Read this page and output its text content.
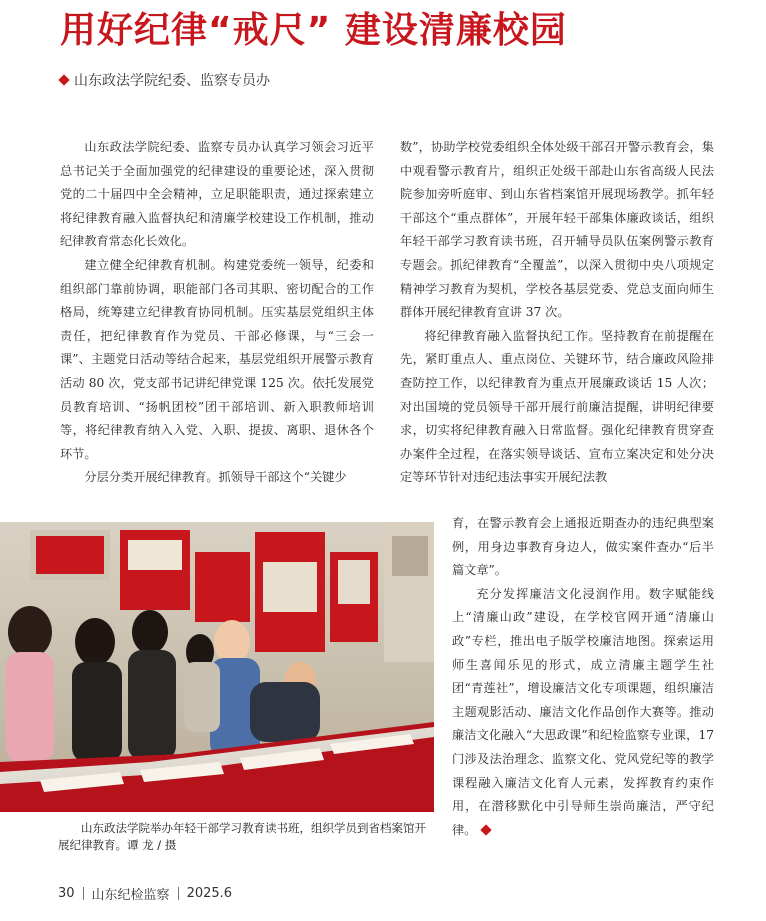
用好纪律“戒尺” 建设清廉校园
山东政法学院纪委、监察专员办

山东政法学院纪委、监察专员办认真学习领会习近平总书记关于全面加强党的纪律建设的重要论述，深入贯彻党的二十届四中全会精神，立足职能职责，通过探索建立将纪律教育融入监督执纪和清廉学校建设工作机制，推动纪律教育常态化长效化。

建立健全纪律教育机制。构建党委统一领导，纪委和组织部门靠前协调，职能部门各司其职、密切配合的工作格局，统筹建立纪律教育协同机制。压实基层党组织主体责任，把纪律教育作为党员、干部必修课，与“三会一课”、主题党日活动等结合起来，基层党组织开展警示教育活动 80 次，党支部书记讲纪律党课 125 次。依托发展党员教育培训、“扬帆团校”团干部培训、新入职教师培训等，将纪律教育纳入入党、入职、提拔、离职、退休各个环节。

分层分类开展纪律教育。抓领导干部这个“关键少

数”，协助学校党委组织全体处级干部召开警示教育会，集中观看警示教育片，组织正处级干部赴山东省高级人民法院参加旁听庭审、到山东省档案馆开展现场教学。抓年轻干部这个“重点群体”，开展年轻干部集体廉政谈话，组织年轻干部学习教育读书班，召开辅导员队伍案例警示教育专题会。抓纪律教育“全覆盖”，以深入贯彻中央八项规定精神学习教育为契机，学校各基层党委、党总支面向师生群体开展纪律教育宣讲 37 次。

将纪律教育融入监督执纪工作。坚持教育在前提醒在先，紧盯重点人、重点岗位、关键环节，结合廉政风险排查防控工作，以纪律教育为重点开展廉政谈话 15 人次；对出国境的党员领导干部开展行前廉洁提醒，讲明纪律要求，切实将纪律教育融入日常监督。强化纪律教育贯穿查办案件全过程，在落实领导谈话、宣布立案决定和处分决定等环节针对违纪违法事实开展纪法教

育，在警示教育会上通报近期查办的违纪典型案例，用身边事教育身边人，做实案件查办“后半篇文章”。

充分发挥廉洁文化浸润作用。数字赋能线上“清廉山政”建设，在学校官网开通“清廉山政”专栏，推出电子版学校廉洁地图。探索运用师生喜闻乐见的形式，成立清廉主题学生社团“青莲社”，增设廉洁文化专项课题，组织廉洁主题观影活动、廉洁文化作品创作大赛等。推动廉洁文化融入“大思政课”和纪检监察专业课，17 门涉及法治理念、监察文化、党风党纪等的教学课程融入廉洁文化育人元素，发挥教育约束作用，在潜移默化中引导师生崇尚廉洁，严守纪律。

山东政法学院举办年轻干部学习教育读书班，组织学员到省档案馆开展纪律教育。谭 龙 / 摄
30 山东纪检监察 2025.6
